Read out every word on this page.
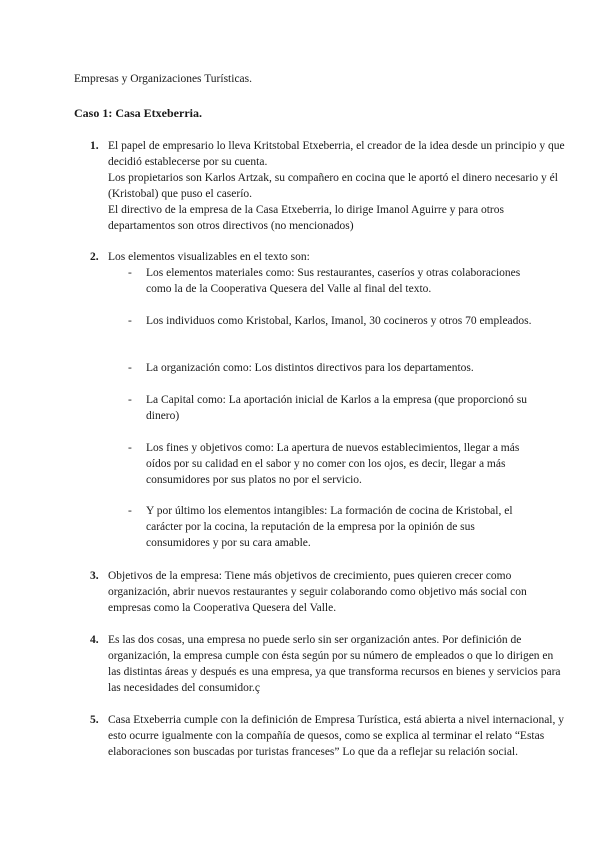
Empresas y Organizaciones Turísticas.
Caso 1: Casa Etxeberria.
1. El papel de empresario lo lleva Kritstobal Etxeberria, el creador de la idea desde un principio y que decidió establecerse por su cuenta.

Los propietarios son Karlos Artzak, su compañero en cocina que le aportó el dinero necesario y él (Kristobal) que puso el caserío.

El directivo de la empresa de la Casa Etxeberria, lo dirige Imanol Aguirre y para otros departamentos son otros directivos (no mencionados)

2. Los elementos visualizables en el texto son:

- Los elementos materiales como: Sus restaurantes, caseríos y otras colaboraciones como la de la Cooperativa Quesera del Valle al final del texto.
- Los individuos como Kristobal, Karlos, Imanol, 30 cocineros y otros 70 empleados.
- La organización como: Los distintos directivos para los departamentos.
- La Capital como: La aportación inicial de Karlos a la empresa (que proporcionó su dinero)
- Los fines y objetivos como: La apertura de nuevos establecimientos, llegar a más oídos por su calidad en el sabor y no comer con los ojos, es decir, llegar a más consumidores por sus platos no por el servicio.
- Y por último los elementos intangibles: La formación de cocina de Kristobal, el carácter por la cocina, la reputación de la empresa por la opinión de sus consumidores y por su cara amable.
3. Objetivos de la empresa: Tiene más objetivos de crecimiento, pues quieren crecer como organización, abrir nuevos restaurantes y seguir colaborando como objetivo más social con empresas como la Cooperativa Quesera del Valle.

4. Es las dos cosas, una empresa no puede serlo sin ser organización antes. Por definición de organización, la empresa cumple con ésta según por su número de empleados o que lo dirigen en las distintas áreas y después es una empresa, ya que transforma recursos en bienes y servicios para las necesidades del consumidor.ç

5. Casa Etxeberria cumple con la definición de Empresa Turística, está abierta a nivel internacional, y esto ocurre igualmente con la compañía de quesos, como se explica al terminar el relato “Estas elaboraciones son buscadas por turistas franceses” Lo que da a reflejar su relación social.
